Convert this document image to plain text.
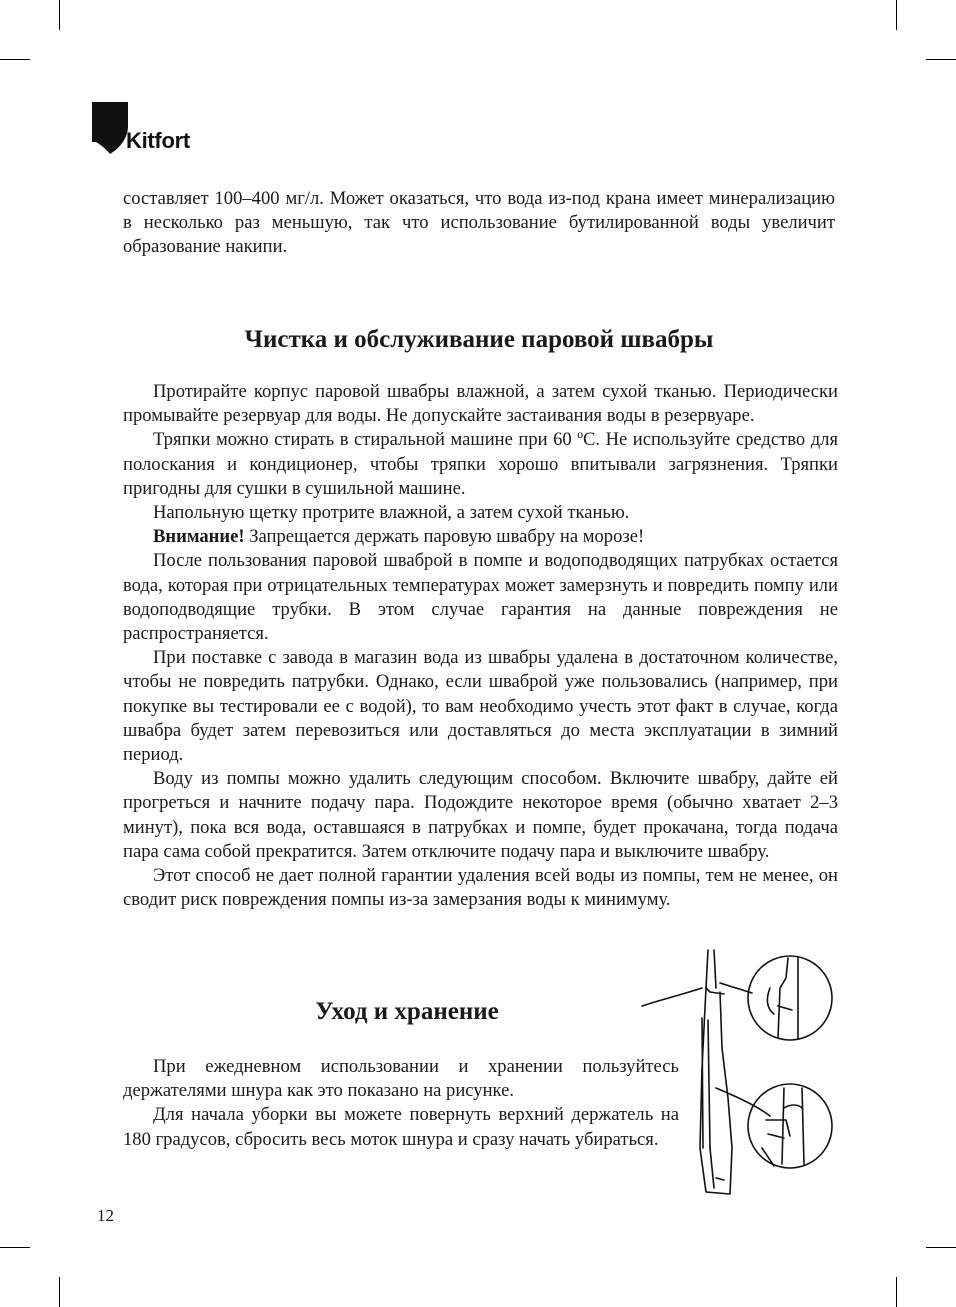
Kitfort

составляет 100–400 мг/л. Может оказаться, что вода из-под крана имеет минерализацию в несколько раз меньшую, так что использование бутилированной воды увеличит образование накипи.

Чистка и обслуживание паровой швабры

Протирайте корпус паровой швабры влажной, а затем сухой тканью. Периодически промывайте резервуар для воды. Не допускайте застаивания воды в резервуаре.

Тряпки можно стирать в стиральной машине при 60 ºC. Не используйте средство для полоскания и кондиционер, чтобы тряпки хорошо впитывали загрязнения. Тряпки пригодны для сушки в сушильной машине.

Напольную щетку протрите влажной, а затем сухой тканью.

Внимание! Запрещается держать паровую швабру на морозе!

После пользования паровой шваброй в помпе и водоподводящих патрубках остается вода, которая при отрицательных температурах может замерзнуть и повредить помпу или водоподводящие трубки. В этом случае гарантия на данные повреждения не распространяется.

При поставке с завода в магазин вода из швабры удалена в достаточном количестве, чтобы не повредить патрубки. Однако, если шваброй уже пользовались (например, при покупке вы тестировали ее с водой), то вам необходимо учесть этот факт в случае, когда швабра будет затем перевозиться или доставляться до места эксплуатации в зимний период.

Воду из помпы можно удалить следующим способом. Включите швабру, дайте ей прогреться и начните подачу пара. Подождите некоторое время (обычно хватает 2–3 минут), пока вся вода, оставшаяся в патрубках и помпе, будет прокачана, тогда подача пара сама собой прекратится. Затем отключите подачу пара и выключите швабру.

Этот способ не дает полной гарантии удаления всей воды из помпы, тем не менее, он сводит риск повреждения помпы из-за замерзания воды к минимуму.

Уход и хранение

При ежедневном использовании и хранении пользуйтесь держателями шнура как это показано на рисунке.

Для начала уборки вы можете повернуть верхний держатель на 180 градусов, сбросить весь моток шнура и сразу начать убираться.

12
